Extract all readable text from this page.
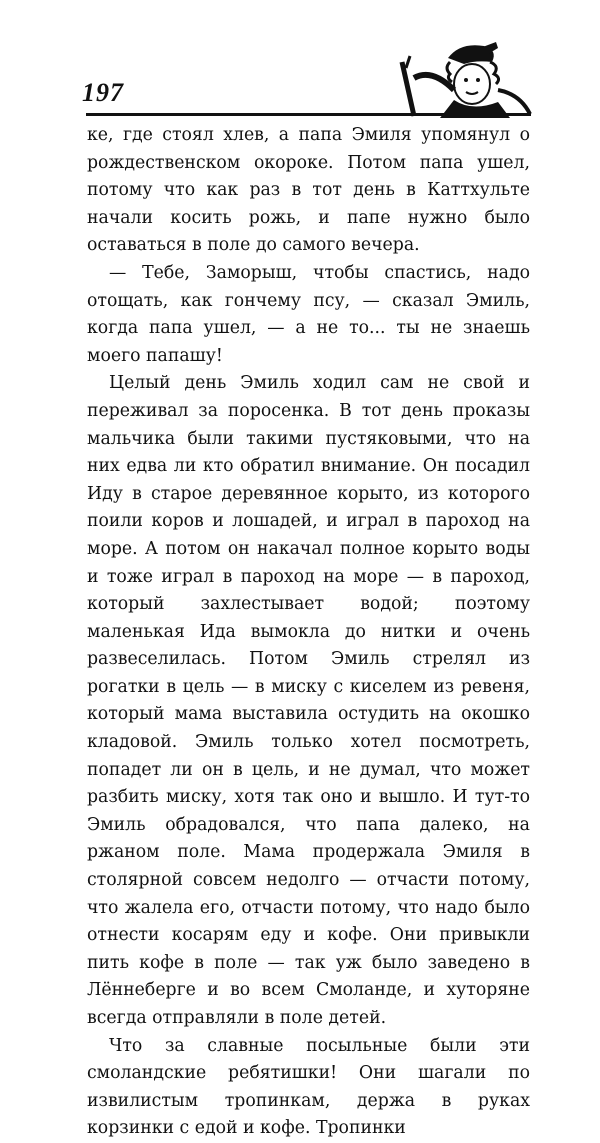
197

ке, где стоял хлев, а папа Эмиля упомянул о рождественском окороке. Потом папа ушел, потому что как раз в тот день в Каттхульте начали косить рожь, и папе нужно было оставаться в поле до самого вечера.

— Тебе, Заморыш, чтобы спастись, надо отощать, как гончему псу, — сказал Эмиль, когда папа ушел, — а не то... ты не знаешь моего папашу!

Целый день Эмиль ходил сам не свой и переживал за поросенка. В тот день проказы мальчика были такими пустяковыми, что на них едва ли кто обратил внимание. Он посадил Иду в старое деревянное корыто, из которого поили коров и лошадей, и играл в пароход на море. А потом он накачал полное корыто воды и тоже играл в пароход на море — в пароход, который захлестывает водой; поэтому маленькая Ида вымокла до нитки и очень развеселилась. Потом Эмиль стрелял из рогатки в цель — в миску с киселем из ревеня, который мама выставила остудить на окошко кладовой. Эмиль только хотел посмотреть, попадет ли он в цель, и не думал, что может разбить миску, хотя так оно и вышло. И тут-то Эмиль обрадовался, что папа далеко, на ржаном поле. Мама продержала Эмиля в столярной совсем недолго — отчасти потому, что жалела его, отчасти потому, что надо было отнести косарям еду и кофе. Они привыкли пить кофе в поле — так уж было заведено в Лённеберге и во всем Смоланде, и хуторяне всегда отправляли в поле детей.

Что за славные посыльные были эти смоландские ребятишки! Они шагали по извилистым тропинкам, держа в руках корзинки с едой и кофе. Тропинки
